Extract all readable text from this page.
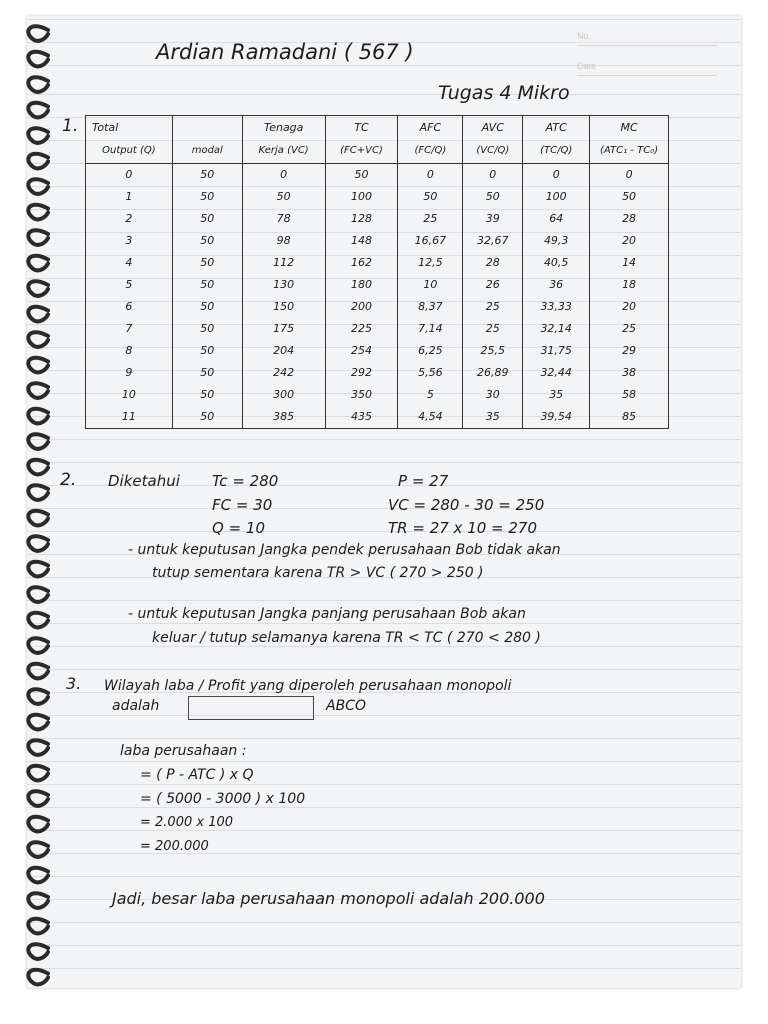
No.
Date
Ardian Ramadani ( 567 )
Tugas 4 Mikro
1. Total		Tenaga	TC	AFC	AVC	ATC	MC
Output (Q)	modal	Kerja (VC)	(FC+VC)	(FC/Q)	(VC/Q)	(TC/Q)	(ATC₁ - TC₀)
0	50	0	50	0	0	0	0
1	50	50	100	50	50	100	50
2	50	78	128	25	39	64	28
3	50	98	148	16,67	32,67	49,3	20
4	50	112	162	12,5	28	40,5	14
5	50	130	180	10	26	36	18
6	50	150	200	8,37	25	33,33	20
7	50	175	225	7,14	25	32,14	25
8	50	204	254	6,25	25,5	31,75	29
9	50	242	292	5,56	26,89	32,44	38
10	50	300	350	5	30	35	58
11	50	385	435	4,54	35	39,54	85
2. Diketahui Tc = 280
FC = 30
Q = 10
P = 27
VC = 280 - 30 = 250
TR = 27 x 10 = 270
- untuk keputusan Jangka pendek perusahaan Bob tidak akan
tutup sementara karena TR > VC ( 270 > 250 )
- untuk keputusan Jangka panjang perusahaan Bob akan
keluar / tutup selamanya karena TR < TC ( 270 < 280 )
3. Wilayah laba / Profit yang diperoleh perusahaan monopoli
adalah	ABCO
laba perusahaan :
= ( P - ATC ) x Q
= ( 5000 - 3000 ) x 100
= 2.000 x 100
= 200.000
Jadi, besar laba perusahaan monopoli adalah 200.000
